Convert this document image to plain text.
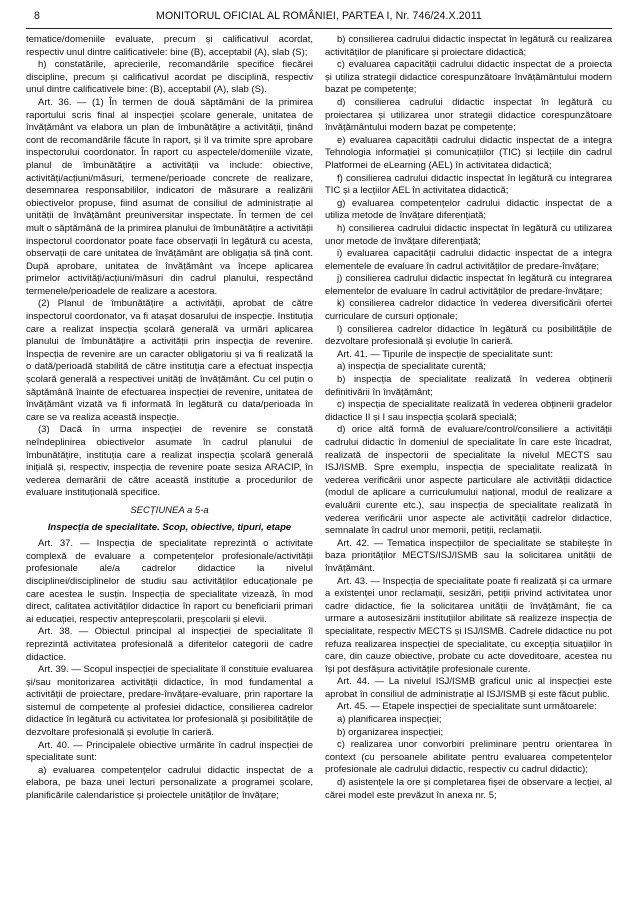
8	MONITORUL OFICIAL AL ROMÂNIEI, PARTEA I, Nr. 746/24.X.2011

tematice/domeniile evaluate, precum și calificativul acordat, respectiv unul dintre calificativele: bine (B), acceptabil (A), slab (S);

h) constatările, aprecierile, recomandările specifice fiecărei discipline, precum și calificativul acordat pe disciplină, respectiv unul dintre calificativele bine: (B), acceptabil (A), slab (S).

Art. 36. — (1) În termen de două săptămâni de la primirea raportului scris final al inspecției școlare generale, unitatea de învățământ va elabora un plan de îmbunătățire a activității, ținând cont de recomandările făcute în raport, și îl va trimite spre aprobare inspectorului coordonator. În raport cu aspectele/domeniile vizate, planul de îmbunătățire a activității va include: obiective, activități/acțiuni/măsuri, termene/perioade concrete de realizare, desemnarea responsabililor, indicatori de măsurare a realizării obiectivelor propuse, fiind asumat de consiliul de administrație al unității de învățământ preuniversitar inspectate. În termen de cel mult o săptămână de la primirea planului de îmbunătățire a activității inspectorul coordonator poate face observații în legătură cu acesta, observații de care unitatea de învățământ are obligația să țină cont. După aprobare, unitatea de învățământ va începe aplicarea primelor activități/acțiuni/măsuri din cadrul planului, respectând termenele/perioadele de realizare a acestora.

(2) Planul de îmbunătățire a activității, aprobat de către inspectorul coordonator, va fi atașat dosarului de inspecție. Instituția care a realizat inspecția școlară generală va urmări aplicarea planului de îmbunătățire a activității prin inspecția de revenire. Inspecția de revenire are un caracter obligatoriu și va fi realizată la o dată/perioadă stabilită de către instituția care a efectuat inspecția școlară generală a respectivei unități de învățământ. Cu cel puțin o săptămână înainte de efectuarea inspecției de revenire, unitatea de învățământ vizată va fi informată în legătură cu data/perioada în care se va realiza această inspecție.

(3) Dacă în urma inspecției de revenire se constată neîndeplinirea obiectivelor asumate în cadrul planului de îmbunătățire, instituția care a realizat inspecția școlară generală inițială și, respectiv, inspecția de revenire poate sesiza ARACIP, în vederea demarării de către această instituție a procedurilor de evaluare instituțională specifice.

SECȚIUNEA a 5-a

Inspecția de specialitate. Scop, obiective, tipuri, etape

Art. 37. — Inspecția de specialitate reprezintă o activitate complexă de evaluare a competențelor profesionale/activității profesionale ale/a cadrelor didactice la nivelul disciplinei/disciplinelor de studiu sau activităților educaționale pe care acestea le susțin. Inspecția de specialitate vizează, în mod direct, calitatea activităților didactice în raport cu beneficiarii primari ai educației, respectiv antepreșcolarii, preșcolarii și elevii.

Art. 38. — Obiectul principal al inspecției de specialitate îl reprezintă activitatea profesională a diferitelor categorii de cadre didactice.

Art. 39. — Scopul inspecției de specialitate îl constituie evaluarea și/sau monitorizarea activității didactice, în mod fundamental a activității de proiectare, predare-învățare-evaluare, prin raportare la sistemul de competențe al profesiei didactice, consilierea cadrelor didactice în legătură cu activitatea lor profesională și posibilitățile de dezvoltare profesională și evoluție în carieră.

Art. 40. — Principalele obiective urmărite în cadrul inspecției de specialitate sunt:

a) evaluarea competențelor cadrului didactic inspectat de a elabora, pe baza unei lecturi personalizate a programei școlare, planificările calendaristice și proiectele unităților de învățare;

b) consilierea cadrului didactic inspectat în legătură cu realizarea activităților de planificare și proiectare didactică;

c) evaluarea capacității cadrului didactic inspectat de a proiecta și utiliza strategii didactice corespunzătoare învățământului modern bazat pe competențe;

d) consilierea cadrului didactic inspectat în legătură cu proiectarea și utilizarea unor strategii didactice corespunzătoare învățământului modern bazat pe competențe;

e) evaluarea capacității cadrului didactic inspectat de a integra Tehnologia informației și comunicațiilor (TIC) și lecțiile din cadrul Platformei de eLearning (AEL) în activitatea didactică;

f) consilierea cadrului didactic inspectat în legătură cu integrarea TIC și a lecțiilor AEL în activitatea didactică;

g) evaluarea competențelor cadrului didactic inspectat de a utiliza metode de învățare diferențiată;

h) consilierea cadrului didactic inspectat în legătură cu utilizarea unor metode de învățare diferențiată;

i) evaluarea capacității cadrului didactic inspectat de a integra elementele de evaluare în cadrul activităților de predare-învățare;

j) consilierea cadrului didactic inspectat în legătură cu integrarea elementelor de evaluare în cadrul activităților de predare-învățare;

k) consilierea cadrelor didactice în vederea diversificării ofertei curriculare de cursuri opționale;

l) consilierea cadrelor didactice în legătură cu posibilitățile de dezvoltare profesională și evoluție în carieră.

Art. 41. — Tipurile de inspecție de specialitate sunt:

a) inspecția de specialitate curentă;

b) inspecția de specialitate realizată în vederea obținerii definitivării în învățământ;

c) inspecția de specialitate realizată în vederea obținerii gradelor didactice II și I sau inspecția școlară specială;

d) orice altă formă de evaluare/control/consiliere a activității cadrului didactic în domeniul de specialitate în care este încadrat, realizată de inspectorii de specialitate la nivelul MECTS sau ISJ/ISMB. Spre exemplu, inspecția de specialitate realizată în vederea verificării unor aspecte particulare ale activității didactice (modul de aplicare a curriculumului național, modul de realizare a evaluării curente etc.), sau inspecția de specialitate realizată în vederea verificării unor aspecte ale activității cadrelor didactice, semnalate în cadrul unor memorii, petiții, reclamații.

Art. 42. — Tematica inspecțiilor de specialitate se stabilește în baza priorităților MECTS/ISJ/ISMB sau la solicitarea unității de învățământ.

Art. 43. — Inspecția de specialitate poate fi realizată și ca urmare a existenței unor reclamații, sesizări, petiții privind activitatea unor cadre didactice, fie la solicitarea unității de învățământ, fie ca urmare a autosesizării instituțiilor abilitate să realizeze inspecția de specialitate, respectiv MECTS și ISJ/ISMB. Cadrele didactice nu pot refuza realizarea inspecției de specialitate, cu excepția situațiilor în care, din cauze obiective, probate cu acte doveditoare, acestea nu își pot desfășura activitățile profesionale curente.

Art. 44. — La nivelul ISJ/ISMB graficul unic al inspecției este aprobat în consiliul de administrație al ISJ/ISMB și este făcut public.

Art. 45. — Etapele inspecției de specialitate sunt următoarele:

a) planificarea inspecției;

b) organizarea inspecției;

c) realizarea unor convorbiri preliminare pentru orientarea în context (cu persoanele abilitate pentru evaluarea competențelor profesionale ale cadrului didactic, respectiv cu cadrul didactic);

d) asistențele la ore și completarea fișei de observare a lecției, al cărei model este prevăzut în anexa nr. 5;
